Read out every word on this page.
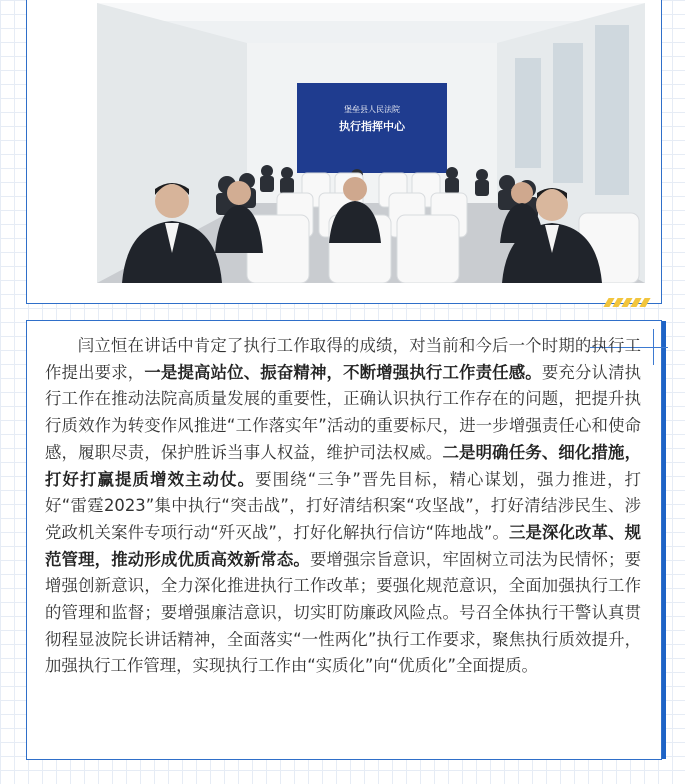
堡垒县人民法院
执行指挥中心

闫立恒在讲话中肯定了执行工作取得的成绩，对当前和今后一个时期的执行工作提出要求，一是提高站位、振奋精神，不断增强执行工作责任感。要充分认清执行工作在推动法院高质量发展的重要性，正确认识执行工作存在的问题，把提升执行质效作为转变作风推进“工作落实年”活动的重要标尺，进一步增强责任心和使命感，履职尽责，保护胜诉当事人权益，维护司法权威。二是明确任务、细化措施，打好打赢提质增效主动仗。要围绕“三争”晋先目标，精心谋划，强力推进，打好“雷霆2023”集中执行“突击战”，打好清结积案“攻坚战”，打好清结涉民生、涉党政机关案件专项行动“歼灭战”，打好化解执行信访“阵地战”。三是深化改革、规范管理，推动形成优质高效新常态。要增强宗旨意识，牢固树立司法为民情怀；要增强创新意识，全力深化推进执行工作改革；要强化规范意识，全面加强执行工作的管理和监督；要增强廉洁意识，切实盯防廉政风险点。号召全体执行干警认真贯彻程显波院长讲话精神，全面落实“一性两化”执行工作要求，聚焦执行质效提升，加强执行工作管理，实现执行工作由“实质化”向“优质化”全面提质。
